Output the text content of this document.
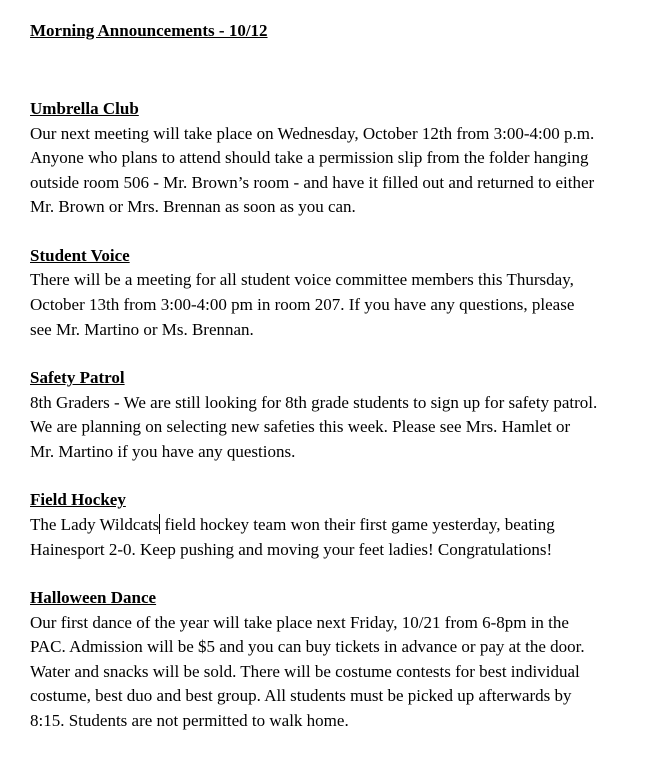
Morning Announcements - 10/12

Umbrella Club

Our next meeting will take place on Wednesday, October 12th from 3:00-4:00 p.m.
Anyone who plans to attend should take a permission slip from the folder hanging
outside room 506 - Mr. Brown’s room - and have it filled out and returned to either
Mr. Brown or Mrs. Brennan as soon as you can.

Student Voice

There will be a meeting for all student voice committee members this Thursday,
October 13th from 3:00-4:00 pm in room 207. If you have any questions, please
see Mr. Martino or Ms. Brennan.

Safety Patrol

8th Graders - We are still looking for 8th grade students to sign up for safety patrol.
We are planning on selecting new safeties this week. Please see Mrs. Hamlet or
Mr. Martino if you have any questions.

Field Hockey

The Lady Wildcats field hockey team won their first game yesterday, beating
Hainesport 2-0. Keep pushing and moving your feet ladies! Congratulations!

Halloween Dance

Our first dance of the year will take place next Friday, 10/21 from 6-8pm in the
PAC. Admission will be $5 and you can buy tickets in advance or pay at the door.
Water and snacks will be sold. There will be costume contests for best individual
costume, best duo and best group. All students must be picked up afterwards by
8:15. Students are not permitted to walk home.
